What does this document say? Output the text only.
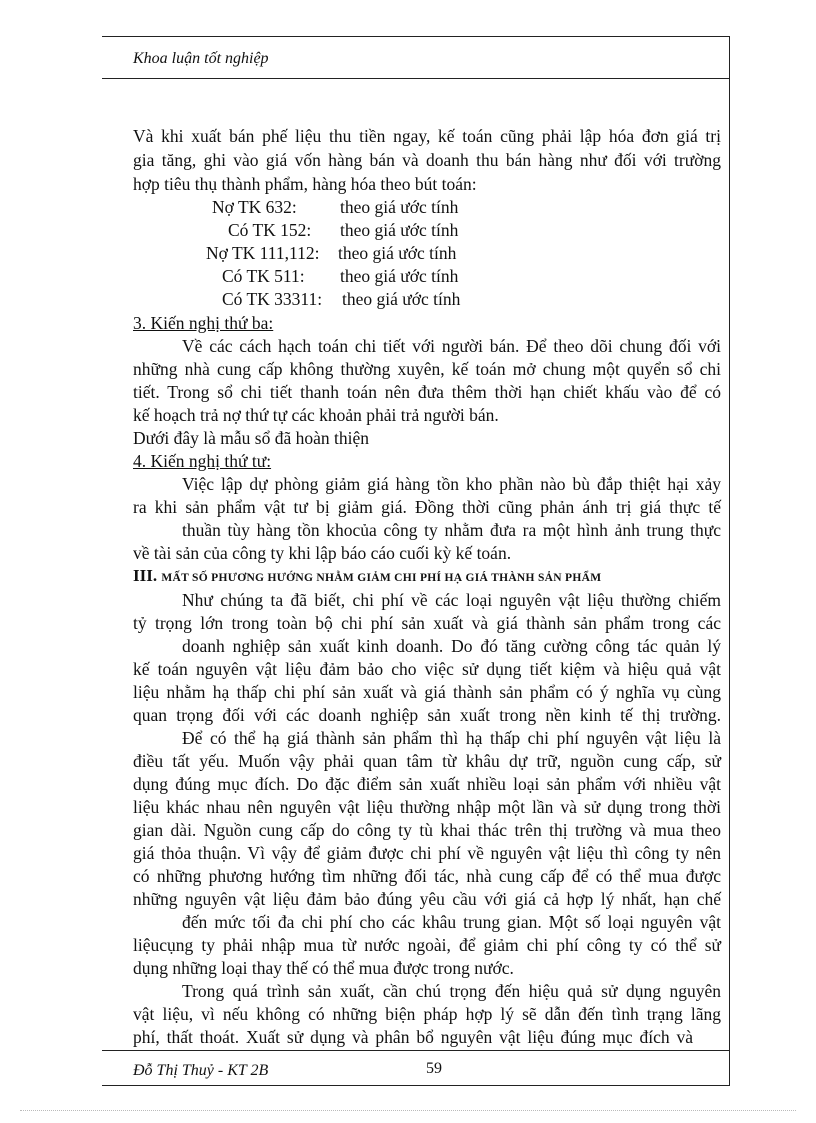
Khoa luận tốt nghiệp
Và khi xuất bán phế liệu thu tiền ngay, kế toán cũng phải lập hóa đơn giá trị
gia tăng, ghi vào giá vốn hàng bán và doanh thu bán hàng như đối với trường
hợp tiêu thụ thành phẩm, hàng hóa theo bút toán:
Nợ TK 632: theo giá ước tính
Có TK 152: theo giá ước tính
Nợ TK 111,112: theo giá ước tính
Có TK 511: theo giá ước tính
Có TK 33311: theo giá ước tính
3. Kiến nghị thứ ba:
Về các cách hạch toán chi tiết với người bán. Để theo dõi chung đối với
những nhà cung cấp không thường xuyên, kế toán mở chung một quyển sổ chi
tiết. Trong sổ chi tiết thanh toán nên đưa thêm thời hạn chiết khấu vào để có
kế hoạch trả nợ thứ tự các khoản phải trả người bán.
Dưới đây là mẫu sổ đã hoàn thiện
4. Kiến nghị thứ tư:
Việc lập dự phòng giảm giá hàng tồn kho phần nào bù đắp thiệt hại xảy
ra khi sản phẩm vật tư bị giảm giá. Đồng thời cũng phản ánh trị giá thực tế
thuần tùy hàng tồn khocủa công ty nhằm đưa ra một hình ảnh trung thực
về tài sản của công ty khi lập báo cáo cuối kỳ kế toán.
III. MẤT SỐ PHƯƠNG HƯỚNG NHẰM GIẢM CHI PHÍ HẠ GIÁ THÀNH SẢN PHẨM
Như chúng ta đã biết, chi phí về các loại nguyên vật liệu thường chiếm
tỷ trọng lớn trong toàn bộ chi phí sản xuất và giá thành sản phẩm trong các
doanh nghiệp sản xuất kinh doanh. Do đó tăng cường công tác quản lý
kế toán nguyên vật liệu đảm bảo cho việc sử dụng tiết kiệm và hiệu quả vật
liệu nhằm hạ thấp chi phí sản xuất và giá thành sản phẩm có ý nghĩa vụ cùng
quan trọng đối với các doanh nghiệp sản xuất trong nền kinh tế thị trường.
Để có thể hạ giá thành sản phẩm thì hạ thấp chi phí nguyên vật liệu là
điều tất yếu. Muốn vậy phải quan tâm từ khâu dự trữ, nguồn cung cấp, sử
dụng đúng mục đích. Do đặc điểm sản xuất nhiều loại sản phẩm với nhiều vật
liệu khác nhau nên nguyên vật liệu thường nhập một lần và sử dụng trong thời
gian dài. Nguồn cung cấp do công ty tù khai thác trên thị trường và mua theo
giá thỏa thuận. Vì vậy để giảm được chi phí về nguyên vật liệu thì công ty nên
có những phương hướng tìm những đối tác, nhà cung cấp để có thể mua được
những nguyên vật liệu đảm bảo đúng yêu cầu với giá cả hợp lý nhất, hạn chế
đến mức tối đa chi phí cho các khâu trung gian. Một số loại nguyên vật
liệucụng ty phải nhập mua từ nước ngoài, để giảm chi phí công ty có thể sử
dụng những loại thay thế có thể mua được trong nước.
Trong quá trình sản xuất, cần chú trọng đến hiệu quả sử dụng nguyên
vật liệu, vì nếu không có những biện pháp hợp lý sẽ dẫn đến tình trạng lãng
phí, thất thoát. Xuất sử dụng và phân bổ nguyên vật liệu đúng mục đích và
Đỗ Thị Thuỷ - KT 2B	59
